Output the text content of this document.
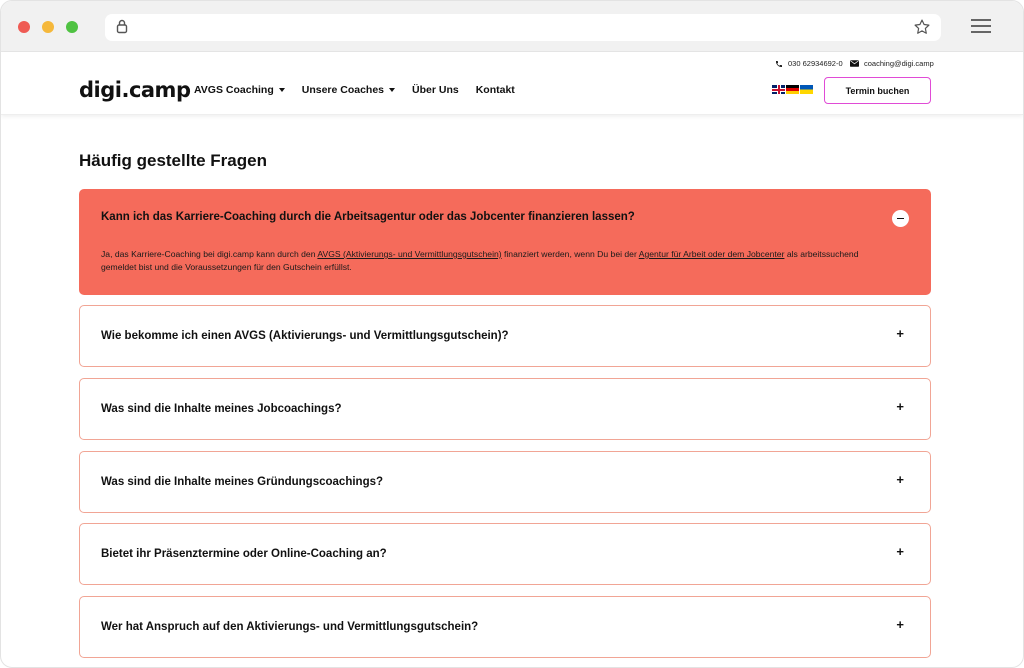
digi.camp AVGS Coaching	Unsere Coaches	Über Uns Kontakt
030 62934692-0	coaching@digi.camp
Termin buchen
Häufig gestellte Fragen
Kann ich das Karriere-Coaching durch die Arbeitsagentur oder das Jobcenter finanzieren lassen?

Ja, das Karriere-Coaching bei digi.camp kann durch den AVGS (Aktivierungs- und Vermittlungsgutschein) finanziert werden, wenn Du bei der Agentur für Arbeit oder dem Jobcenter als arbeitssuchend gemeldet bist und die Voraussetzungen für den Gutschein erfüllst.

Wie bekomme ich einen AVGS (Aktivierungs- und Vermittlungsgutschein)?	+
Was sind die Inhalte meines Jobcoachings?	+
Was sind die Inhalte meines Gründungscoachings?	+
Bietet ihr Präsenztermine oder Online-Coaching an?	+
Wer hat Anspruch auf den Aktivierungs- und Vermittlungsgutschein?	+
